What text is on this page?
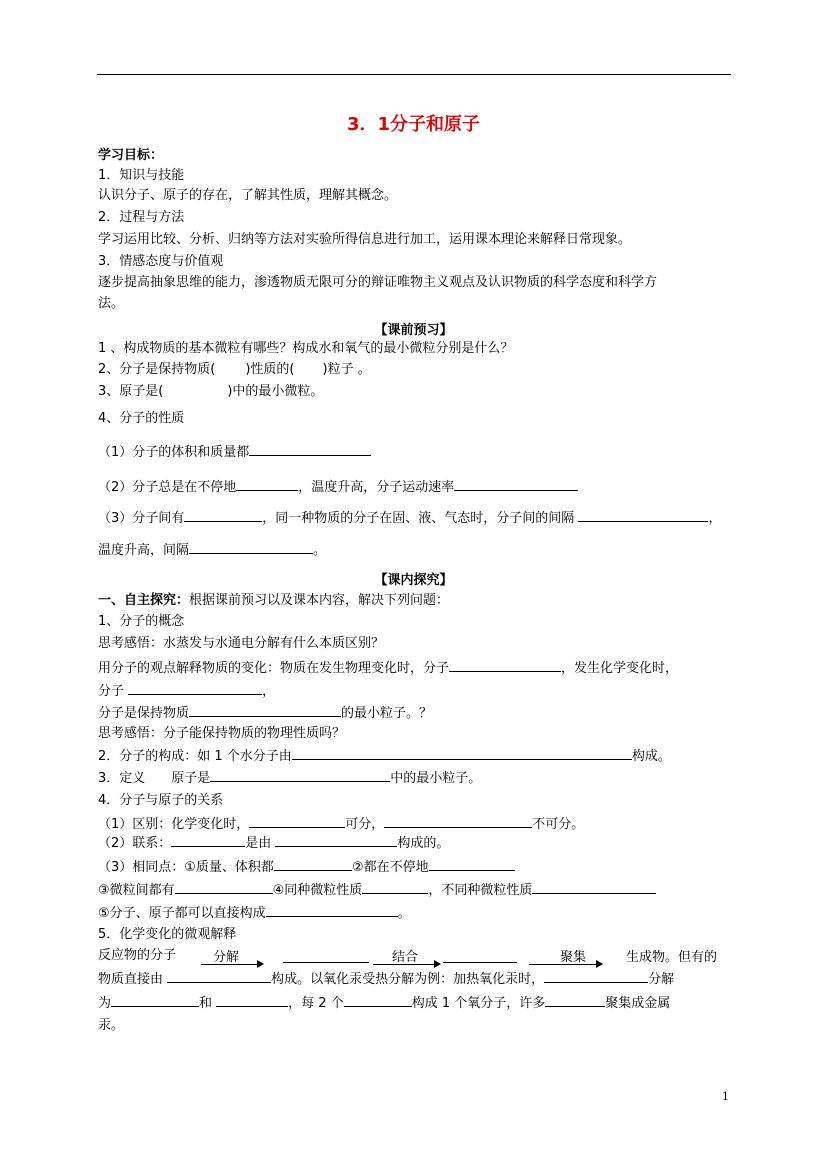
3．1分子和原子
学习目标：
1．知识与技能
认识分子、原子的存在，了解其性质，理解其概念。
2．过程与方法
学习运用比较、分析、归纳等方法对实验所得信息进行加工，运用课本理论来解释日常现象。
3．情感态度与价值观
逐步提高抽象思维的能力，渗透物质无限可分的辩证唯物主义观点及认识物质的科学态度和科学方
法。
【课前预习】
1 、构成物质的基本微粒有哪些？构成水和氧气的最小微粒分别是什么？
2、分子是保持物质( )性质的( )粒子 。
3、原子是(	)中的最小微粒。
4、分子的性质
（1）分子的体积和质量都
（2）分子总是在不停地	，温度升高，分子运动速率
（3）分子间有	，同一种物质的分子在固、液、气态时，分子间的间隔	，
温度升高，间隔	。
【课内探究】
一、自主探究：根据课前预习以及课本内容，解决下列问题：
1、分子的概念
思考感悟：水蒸发与水通电分解有什么本质区别？
用分子的观点解释物质的变化：物质在发生物理变化时，分子	，发生化学变化时，
分子	，
分子是保持物质	的最小粒子。？
思考感悟：分子能保持物质的物理性质吗？
2．分子的构成：如 1 个水分子由	构成。
3．定义　　原子是	中的最小粒子。
4．分子与原子的关系
（1）区别：化学变化时，	可分，	不可分。
（2）联系：	是由	构成的。
（3）相同点：①质量、体积都	②都在不停地
③微粒间都有	④同种微粒性质	，不同种微粒性质
⑤分子、原子都可以直接构成	。
5．化学变化的微观解释
反应物的分子	分解	结合	聚集	生成物。但有的
物质直接由	构成。以氧化汞受热分解为例：加热氧化汞时，	分解
为	和	，每 2 个	构成 1 个氧分子，许多	聚集成金属
汞。
1
